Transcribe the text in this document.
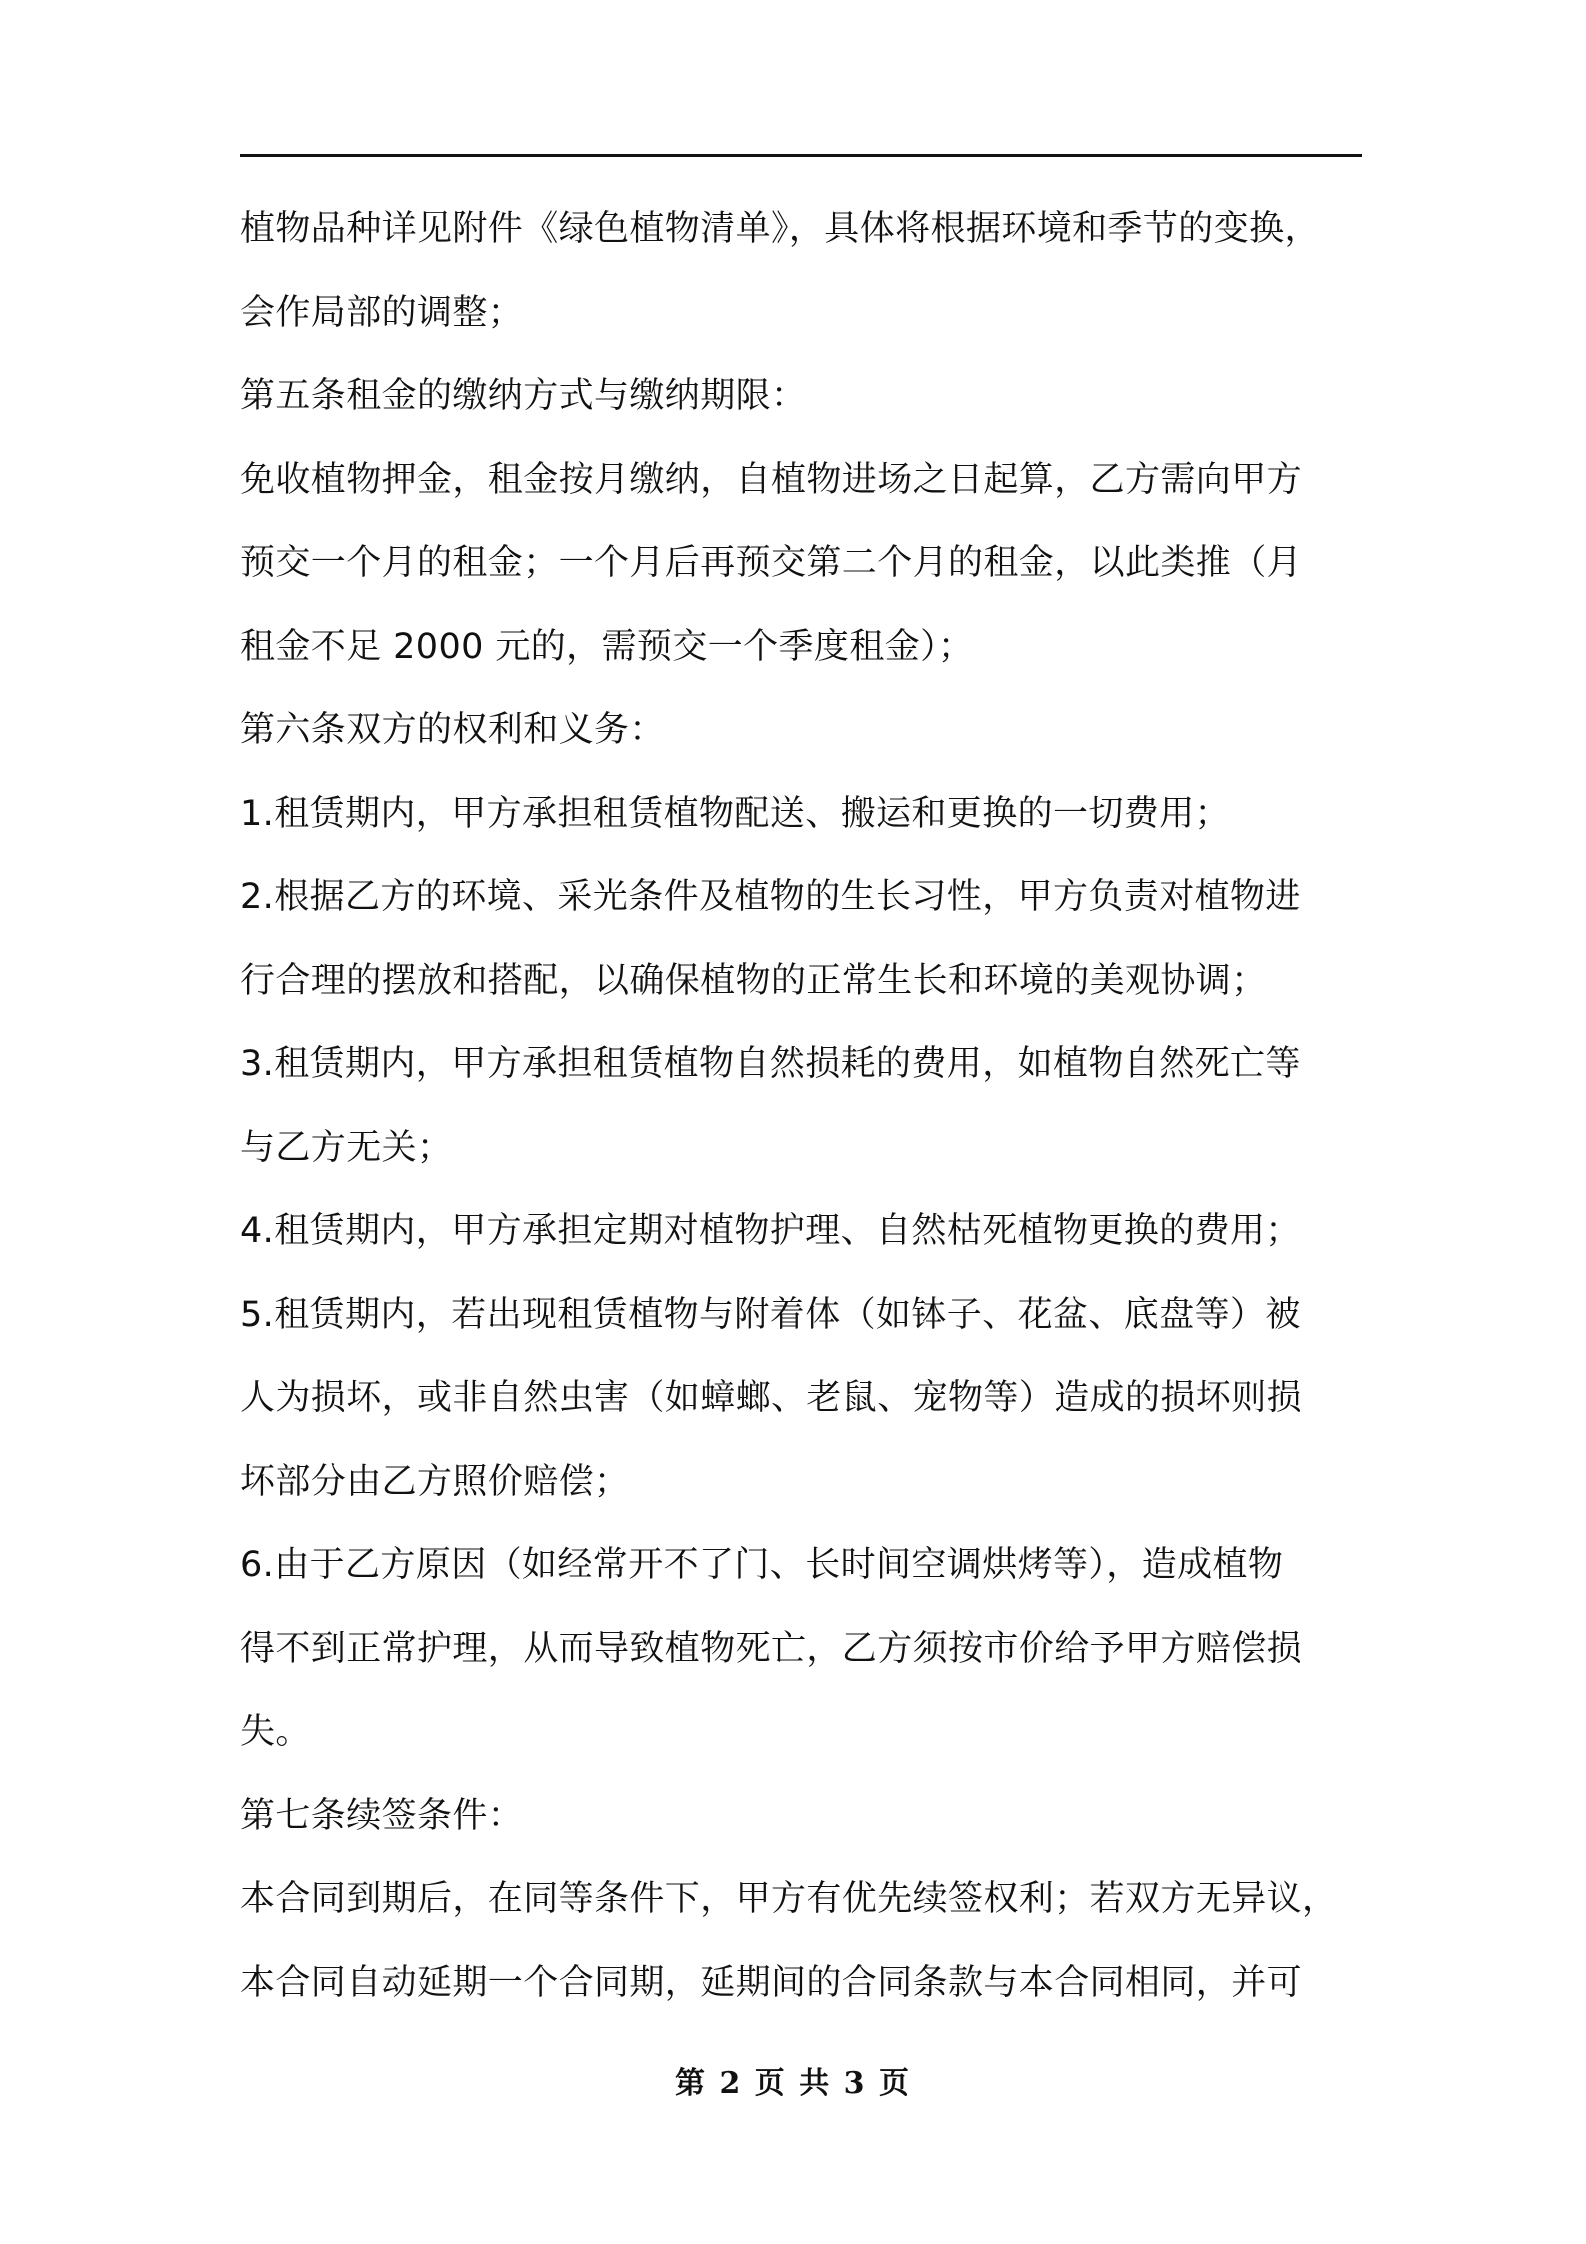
植物品种详见附件《绿色植物清单》，具体将根据环境和季节的变换，
会作局部的调整；
第五条租金的缴纳方式与缴纳期限：
免收植物押金，租金按月缴纳，自植物进场之日起算，乙方需向甲方
预交一个月的租金；一个月后再预交第二个月的租金，以此类推（月
租金不足 2000 元的，需预交一个季度租金）；
第六条双方的权利和义务：
1.租赁期内，甲方承担租赁植物配送、搬运和更换的一切费用；
2.根据乙方的环境、采光条件及植物的生长习性，甲方负责对植物进
行合理的摆放和搭配，以确保植物的正常生长和环境的美观协调；
3.租赁期内，甲方承担租赁植物自然损耗的费用，如植物自然死亡等
与乙方无关；
4.租赁期内，甲方承担定期对植物护理、自然枯死植物更换的费用；
5.租赁期内，若出现租赁植物与附着体（如钵子、花盆、底盘等）被
人为损坏，或非自然虫害（如蟑螂、老鼠、宠物等）造成的损坏则损
坏部分由乙方照价赔偿；
6.由于乙方原因（如经常开不了门、长时间空调烘烤等），造成植物
得不到正常护理，从而导致植物死亡，乙方须按市价给予甲方赔偿损
失。
第七条续签条件：
本合同到期后，在同等条件下，甲方有优先续签权利；若双方无异议，
本合同自动延期一个合同期，延期间的合同条款与本合同相同，并可
第 2 页 共 3 页
